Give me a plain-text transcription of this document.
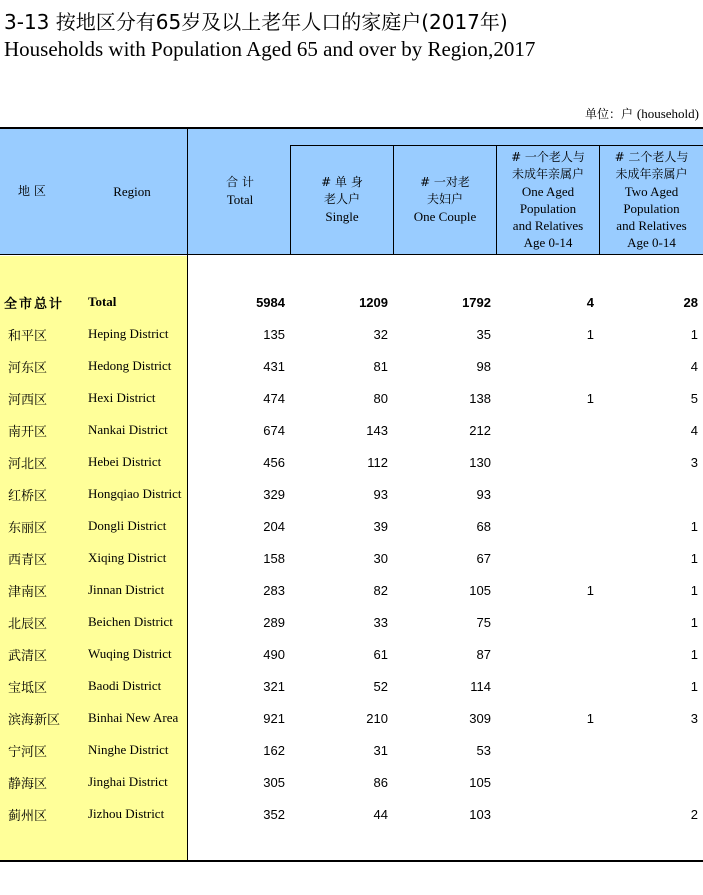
3-13 按地区分有65岁及以上老年人口的家庭户(2017年)
Households with Population Aged 65 and over by Region,2017
单位：户 (household)
地 区	Region
合 计
Total
# 单 身
老人户
Single
# 一对老
夫妇户
One Couple
# 一个老人与
未成年亲属户
One Aged
Population
and Relatives
Age 0-14
# 二个老人与
未成年亲属户
Two Aged
Population
and Relatives
Age 0-14
全市总计	Total	5984	1209	1792	4	28
和平区	Heping District	135	32	35	1	1
河东区	Hedong District	431	81	98		4
河西区	Hexi District	474	80	138	1	5
南开区	Nankai District	674	143	212		4
河北区	Hebei District	456	112	130		3
红桥区	Hongqiao District	329	93	93		
东丽区	Dongli District	204	39	68		1
西青区	Xiqing District	158	30	67		1
津南区	Jinnan District	283	82	105	1	1
北辰区	Beichen District	289	33	75		1
武清区	Wuqing District	490	61	87		1
宝坻区	Baodi District	321	52	114		1
滨海新区	Binhai New Area	921	210	309	1	3
宁河区	Ninghe District	162	31	53		
静海区	Jinghai District	305	86	105		
蓟州区	Jizhou District	352	44	103		2
